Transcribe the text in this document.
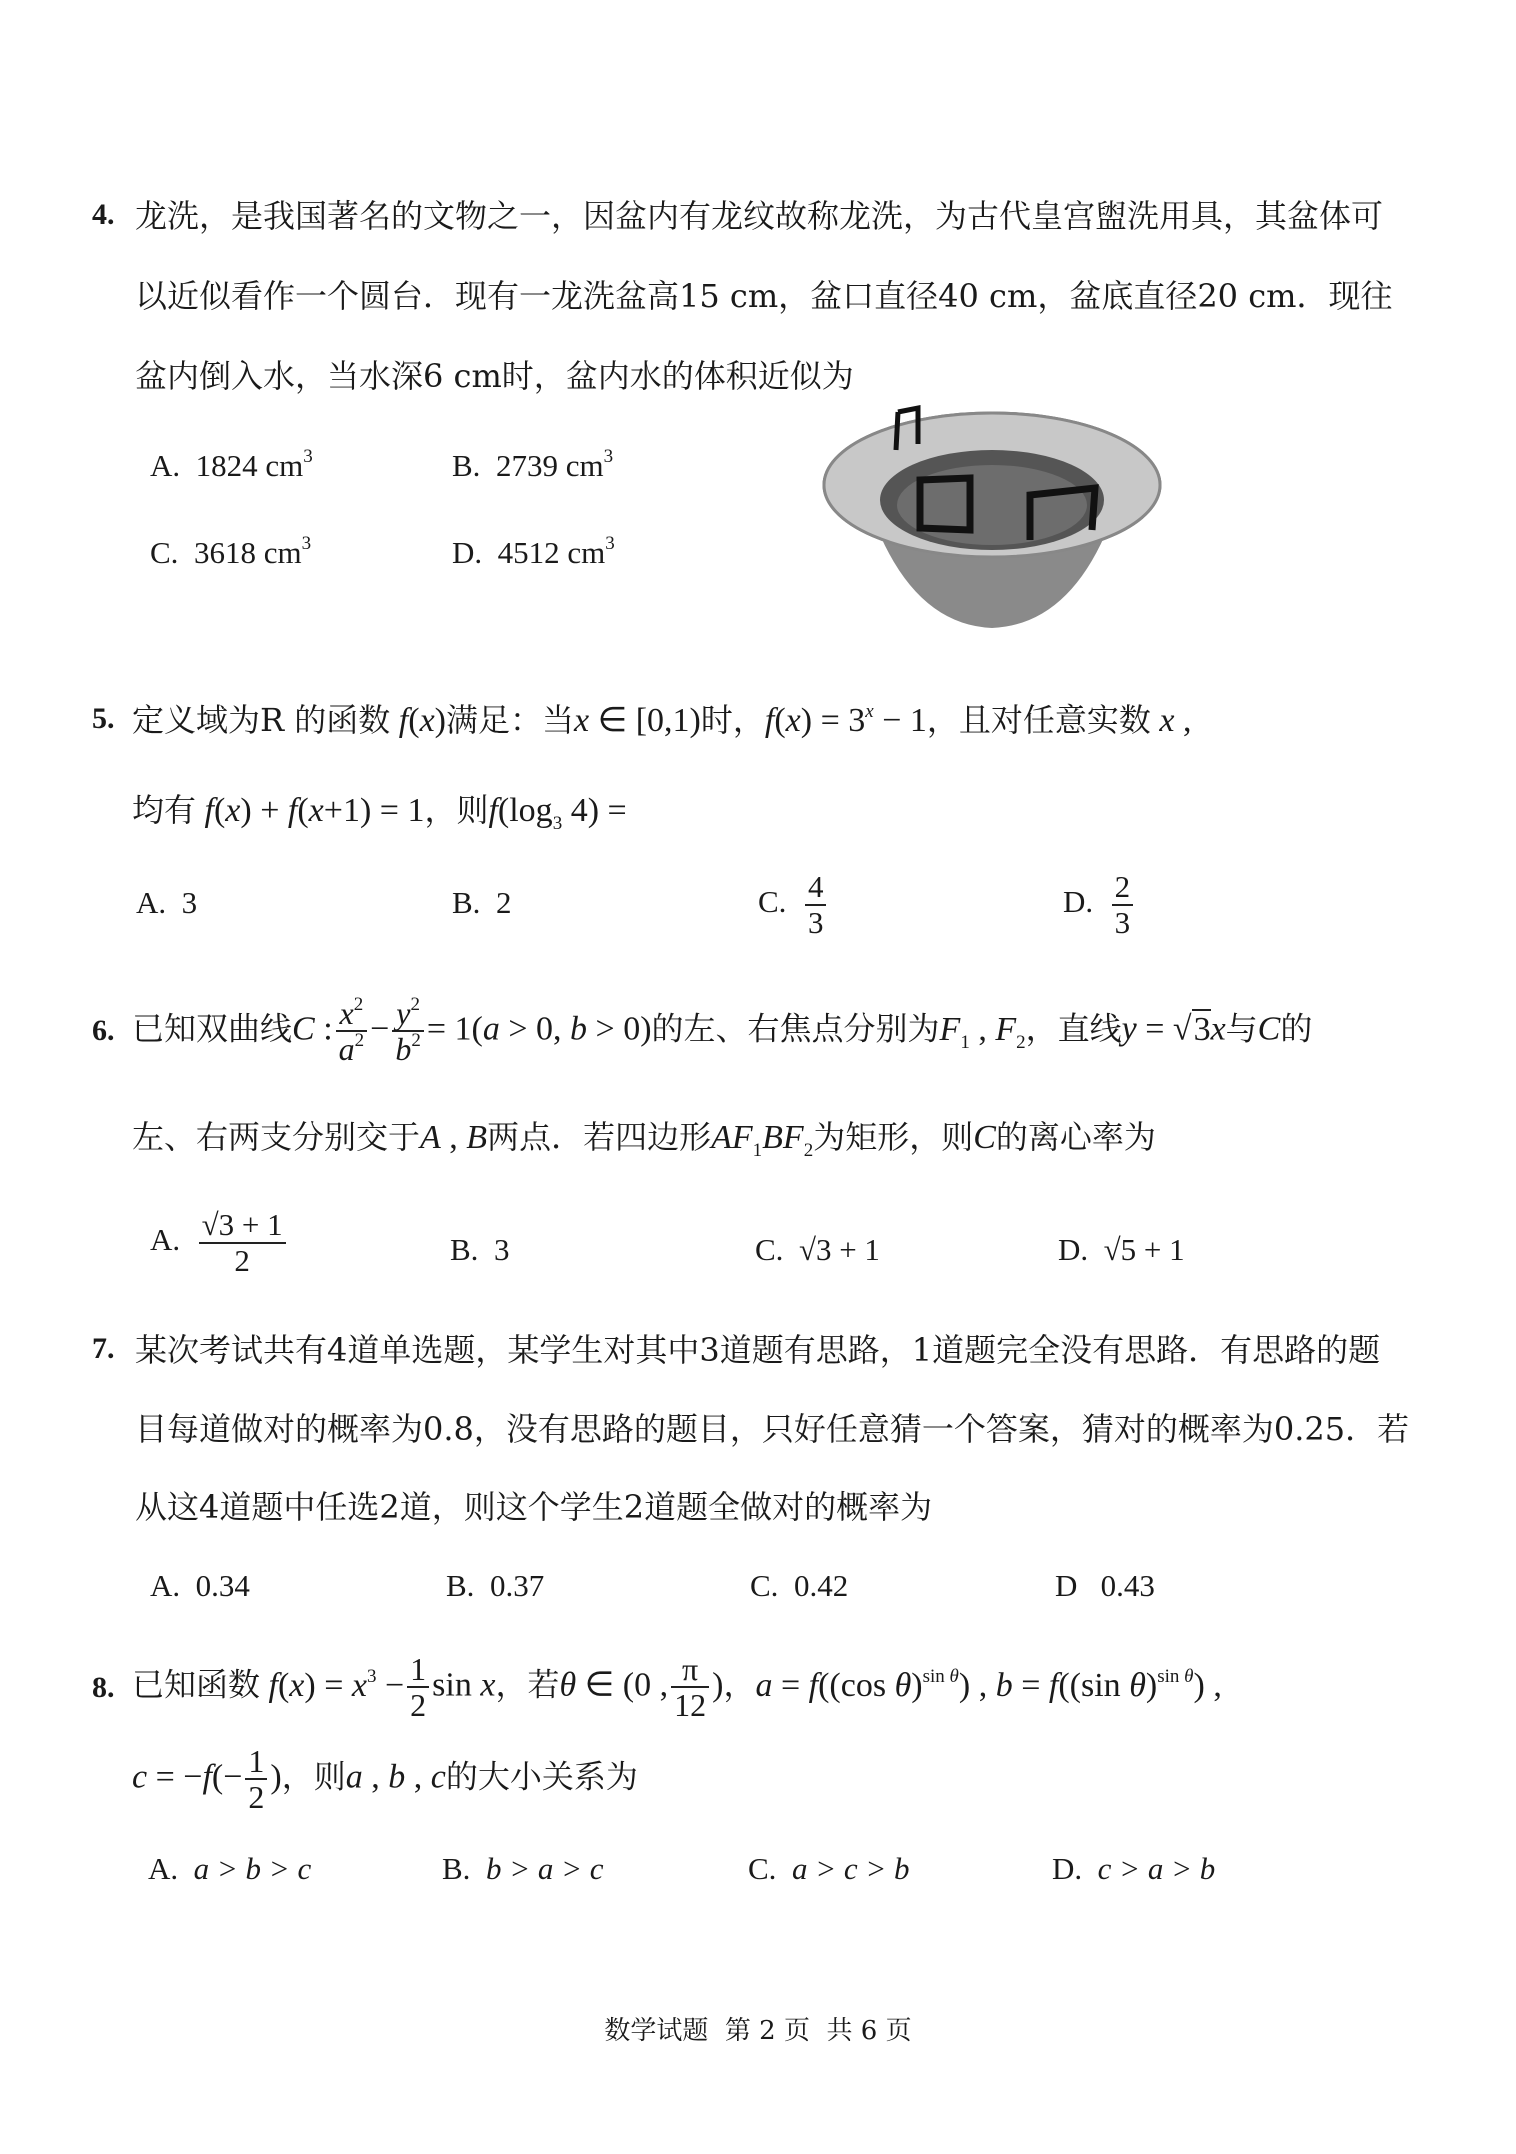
4. 龙洗，是我国著名的文物之一，因盆内有龙纹故称龙洗，为古代皇宫盥洗用具，其盆体可
以近似看作一个圆台．现有一龙洗盆高15 cm，盆口直径40 cm，盆底直径20 cm．现往
盆内倒入水，当水深6 cm时，盆内水的体积近似为
A. 1824 $cm^3$	B. 2739 $cm^3$
C. 3618 $cm^3$	D. 4512 $cm^3$
5. 定义域为R 的函数 f(x)满足：当x ∈ [0,1)时，$f(x) = 3^x - 1$，且对任意实数 x ,
均有 f(x) + f(x+1) = 1，则$f(\log_3$ 4) =
A. 3	B. 2	C. $\frac{4}{3}$	D. $\frac{2}{3}$
6. 已知双曲线C : $\frac{x^2}{a^2} - \frac{y^2}{b^2} = 1(a > 0$, b > 0)的左、右焦点分别为$F_1$ , $F_2$，直线y = √3x与C的
左、右两支分别交于A , B两点．若四边形$AF_1BF_2$为矩形，则C的离心率为
A. $\frac{√3 + 1}{2}$	B. 3	C. √3 + 1	D. √5 + 1
7. 某次考试共有4道单选题，某学生对其中3道题有思路，1道题完全没有思路．有思路的题
目每道做对的概率为0.8，没有思路的题目，只好任意猜一个答案，猜对的概率为0.25．若
从这4道题中任选2道，则这个学生2道题全做对的概率为
A. 0.34	B. 0.37	C. 0.42	D 0.43
8. 已知函数 $f(x) = x^3 - \frac{1}{2}$ sin x，若θ ∈ (0 , $\frac{\pi}{12}$ )，a = f((cos θ)$^{sin \theta}$) , b = f((sin θ)$^{sin \theta}$) ,
$c = -f(- \frac{1}{2}$ )，则a , b , c的大小关系为
A. a > b > c	B. b > a > c	C. a > c > b	D. c > a > b
数学试题  第 2 页  共 6 页
